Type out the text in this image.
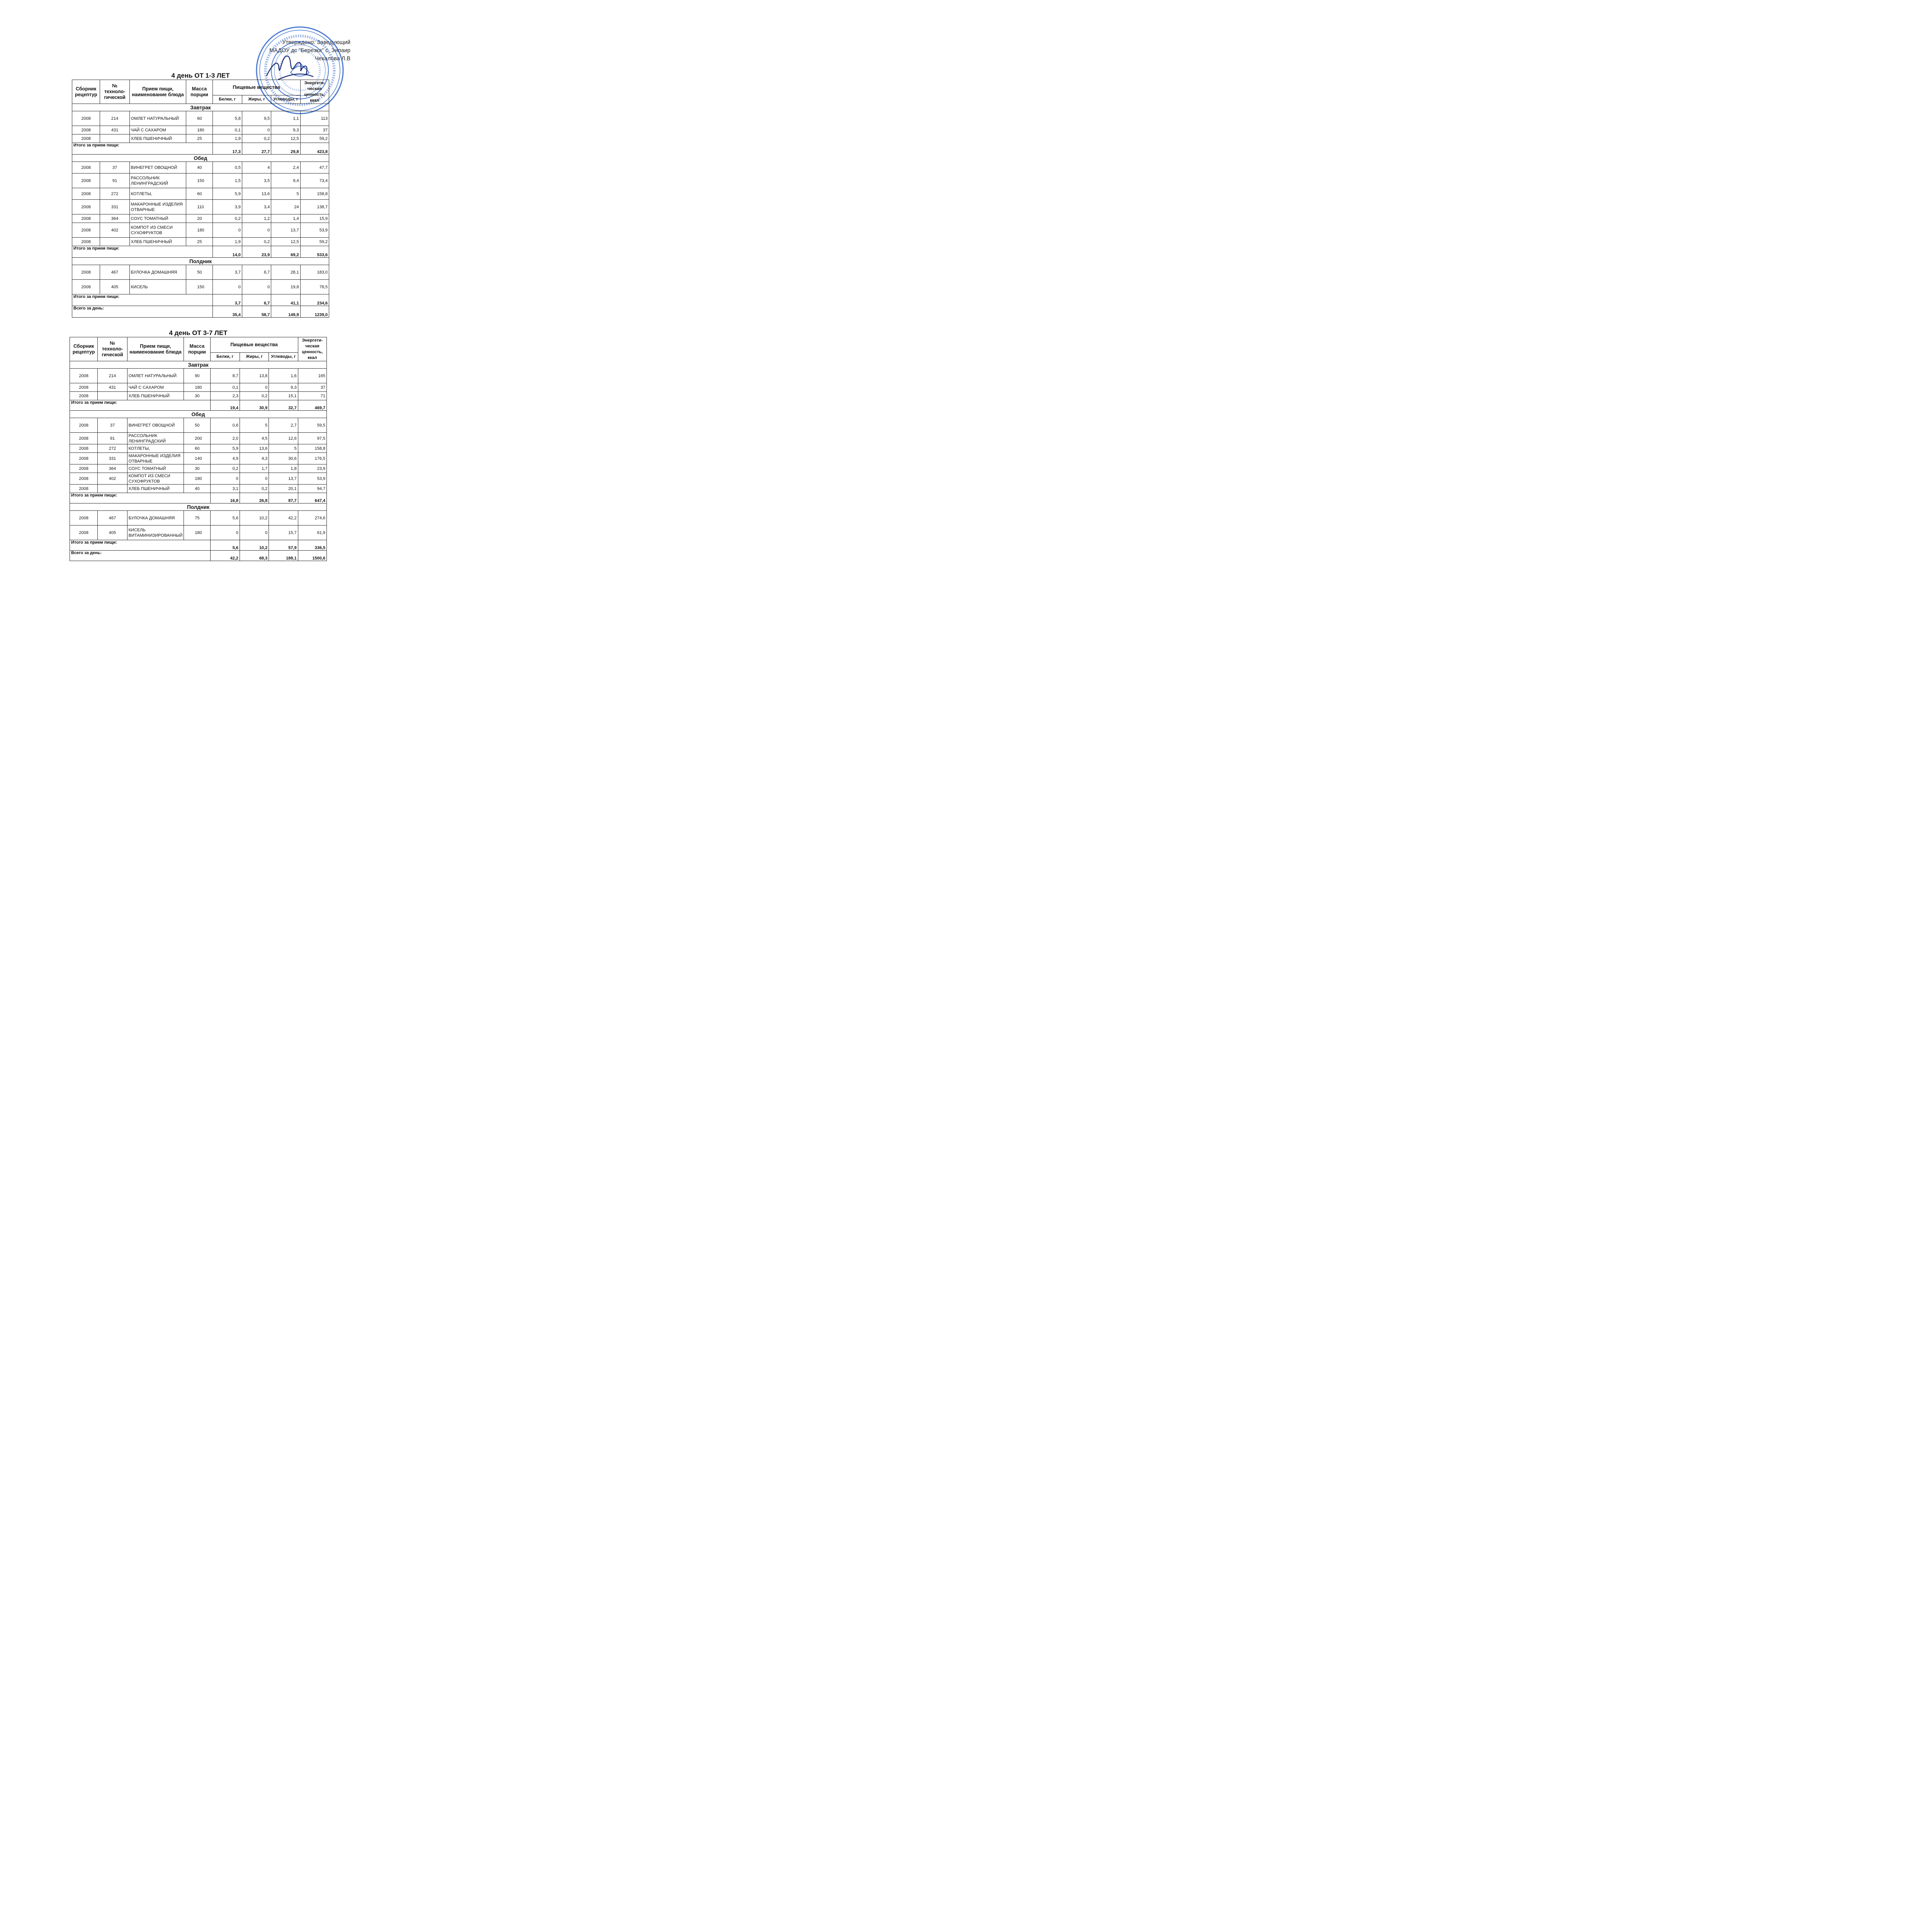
Утверждено: Заведующий
МАДОУ дс "Березка" с. Зилаир
Чекалова Л.В
4 день ОТ 1-3 ЛЕТ
Сборник рецептур	№ техноло-гической	Прием пищи, наименование блюда	Масса порции	Пищевые вещества			Энергети-ческая ценность, ккал
				Белки, г	Жиры, г	Углеводы, г	
Завтрак							
2008	214	ОМЛЕТ НАТУРАЛЬНЫЙ	60	5,8	9,5	1,1	113
2008	431	ЧАЙ С САХАРОМ	180	0,1	0	9,3	37
2008		ХЛЕБ ПШЕНИЧНЫЙ	25	1,9	0,2	12,5	59,2
Итого за прием пищи:				17,3	27,7	29,8	423,8
Обед							
2008	37	ВИНЕГРЕТ ОВОЩНОЙ	40	0,5	4	2,4	47,7
2008	91	РАССОЛЬНИК ЛЕНИНГРАДСКИЙ	150	1,5	3,5	9,4	73,4
2008	272	КОТЛЕТЫ,	60	5,9	13,6	5	158,8
2008	331	МАКАРОННЫЕ ИЗДЕЛИЯ ОТВАРНЫЕ	110	3,9	3,4	24	138,7
2008	364	СОУС ТОМАТНЫЙ	20	0,2	1,2	1,4	15,9
2008	402	КОМПОТ ИЗ СМЕСИ СУХОФРУКТОВ	180	0	0	13,7	53,9
2008		ХЛЕБ ПШЕНИЧНЫЙ	25	1,9	0,2	12,5	59,2
Итого за прием пищи:				14,0	23,9	69,2	533,6
Полдник							
2008	467	БУЛОЧКА ДОМАШНЯЯ	50	3,7	6,7	28,1	183,0
2008	405	КИСЕЛЬ	150	0	0	19,8	78,5
Итого за прием пищи:				3,7	6,7	41,1	234,6
Всего за день:				35,4	58,7	149,9	1239,0
4 день ОТ 3-7 ЛЕТ
Сборник рецептур	№ техноло-гической	Прием пищи, наименование блюда	Масса порции	Пищевые вещества			Энергети-ческая ценность, ккал
				Белки, г	Жиры, г	Углеводы, г	
Завтрак							
2008	214	ОМЛЕТ НАТУРАЛЬНЫЙ	90	8,7	13,8	1,6	165
2008	431	ЧАЙ С САХАРОМ	180	0,1	0	9,3	37
2008		ХЛЕБ ПШЕНИЧНЫЙ	30	2,3	0,2	15,1	71
Итого за прием пищи:				19,4	30,9	32,7	469,7
Обед							
2008	37	ВИНЕГРЕТ ОВОЩНОЙ	50	0,6	5	2,7	59,5
2008	91	РАССОЛЬНИК ЛЕНИНГРАДСКИЙ	200	2,0	4,5	12,6	97,5
2008	272	КОТЛЕТЫ,	60	5,9	13,6	5	158,8
2008	331	МАКАРОННЫЕ ИЗДЕЛИЯ ОТВАРНЫЕ	140	4,9	4,3	30,6	176,5
2008	364	СОУС ТОМАТНЫЙ	30	0,2	1,7	1,8	23,9
2008	402	КОМПОТ ИЗ СМЕСИ СУХОФРУКТОВ	180	0	0	13,7	53,9
2008		ХЛЕБ ПШЕНИЧНЫЙ	40	3,1	0,2	20,1	94,7
Итого за прием пищи:				16,8	26,8	87,7	647,4
Полдник							
2008	467	БУЛОЧКА ДОМАШНЯЯ	75	5,6	10,2	42,2	274,6
2008	405	КИСЕЛЬ ВИТАМИНИЗИРОВАННЫЙ	180	0	0	15,7	61,9
Итого за прием пищи:				5,6	10,2	57,9	336,5
Всего за день:				42,2	68,3	188,1	1500,6
